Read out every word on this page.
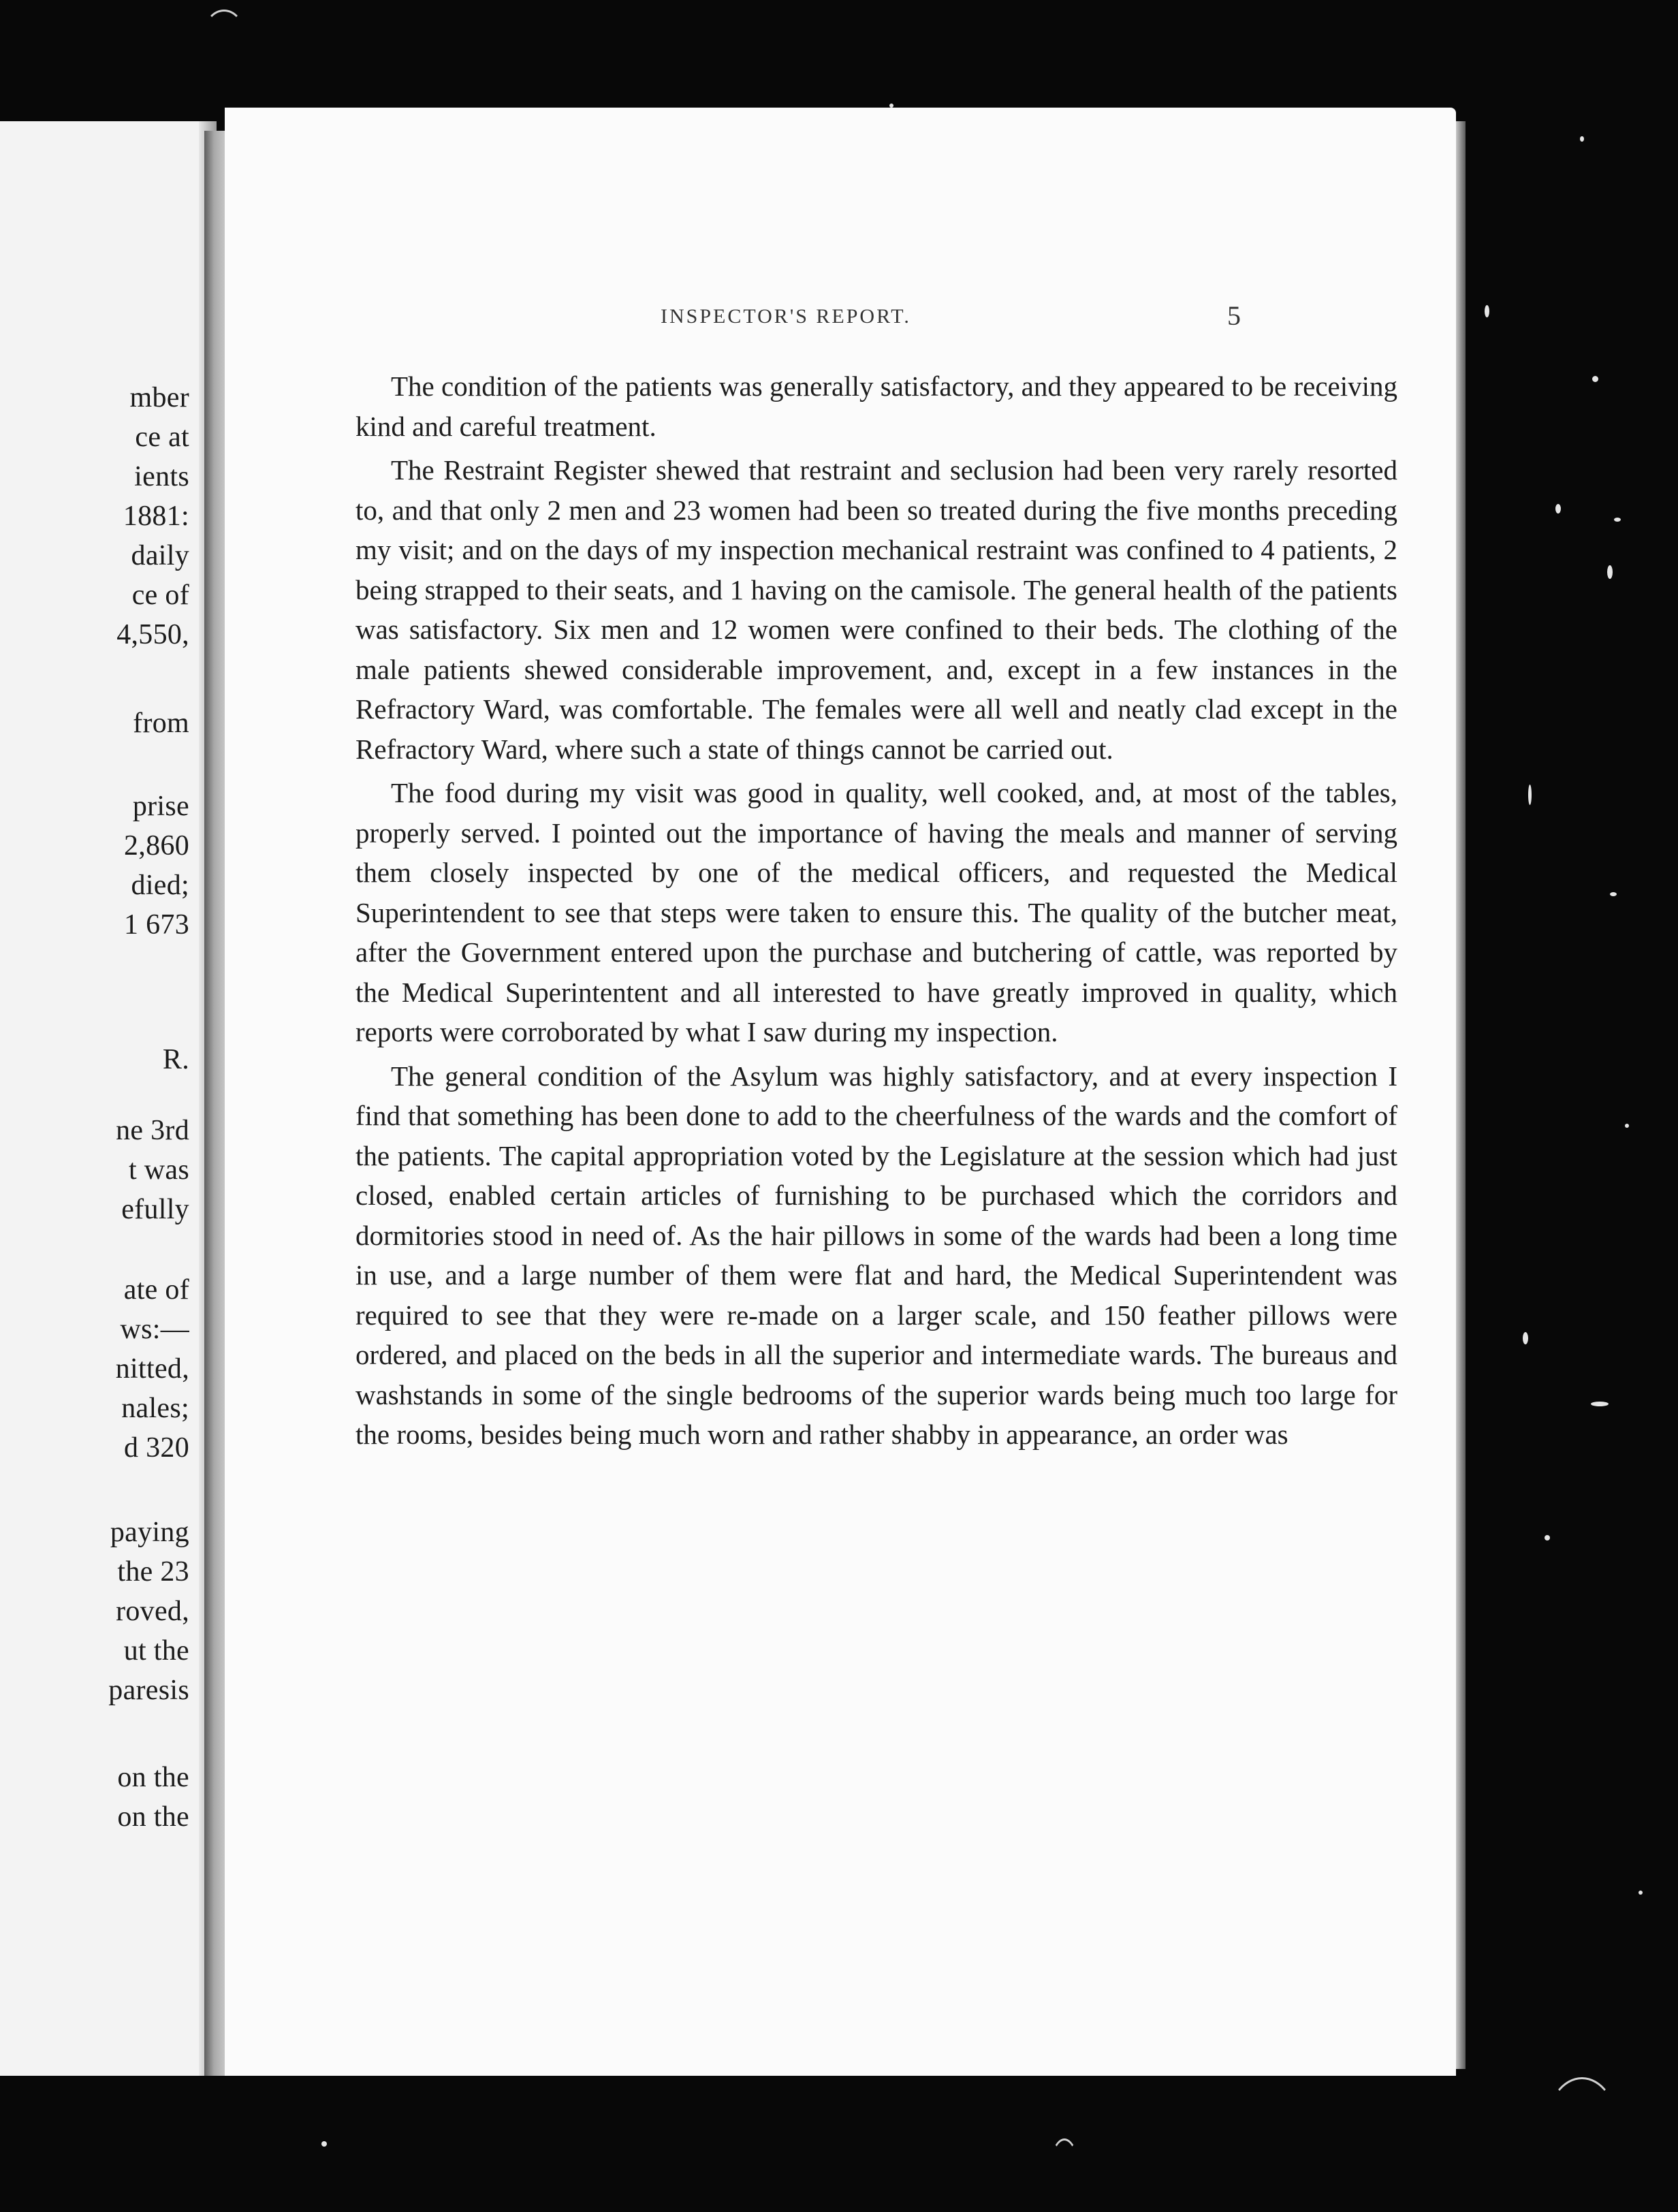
mber
ce at
ients
1881:
daily
ce of
4,550,
from
prise
2,860
died;
1 673
R.
ne 3rd
t was
efully
ate of
ws:—
nitted,
nales;
d 320
paying
the 23
roved,
ut the
paresis
on the
on the
INSPECTOR'S REPORT.	5

The condition of the patients was generally satisfactory, and they appeared to be receiving kind and careful treatment.

The Restraint Register shewed that restraint and seclusion had been very rarely resorted to, and that only 2 men and 23 women had been so treated during the five months preceding my visit; and on the days of my inspection mechanical restraint was confined to 4 patients, 2 being strapped to their seats, and 1 having on the camisole. The general health of the patients was satisfactory. Six men and 12 women were confined to their beds. The clothing of the male patients shewed considerable improvement, and, except in a few instances in the Refractory Ward, was comfortable. The females were all well and neatly clad except in the Refractory Ward, where such a state of things cannot be carried out.

The food during my visit was good in quality, well cooked, and, at most of the tables, properly served. I pointed out the importance of having the meals and manner of serving them closely inspected by one of the medical officers, and requested the Medical Superintendent to see that steps were taken to ensure this. The quality of the butcher meat, after the Government entered upon the purchase and butchering of cattle, was reported by the Medical Superintentent and all interested to have greatly improved in quality, which reports were corroborated by what I saw during my inspection.

The general condition of the Asylum was highly satisfactory, and at every inspection I find that something has been done to add to the cheerfulness of the wards and the comfort of the patients. The capital appropriation voted by the Legislature at the session which had just closed, enabled certain articles of furnishing to be purchased which the corridors and dormitories stood in need of. As the hair pillows in some of the wards had been a long time in use, and a large number of them were flat and hard, the Medical Superintendent was required to see that they were re-made on a larger scale, and 150 feather pillows were ordered, and placed on the beds in all the superior and intermediate wards. The bureaus and washstands in some of the single bedrooms of the superior wards being much too large for the rooms, besides being much worn and rather shabby in appearance, an order was
